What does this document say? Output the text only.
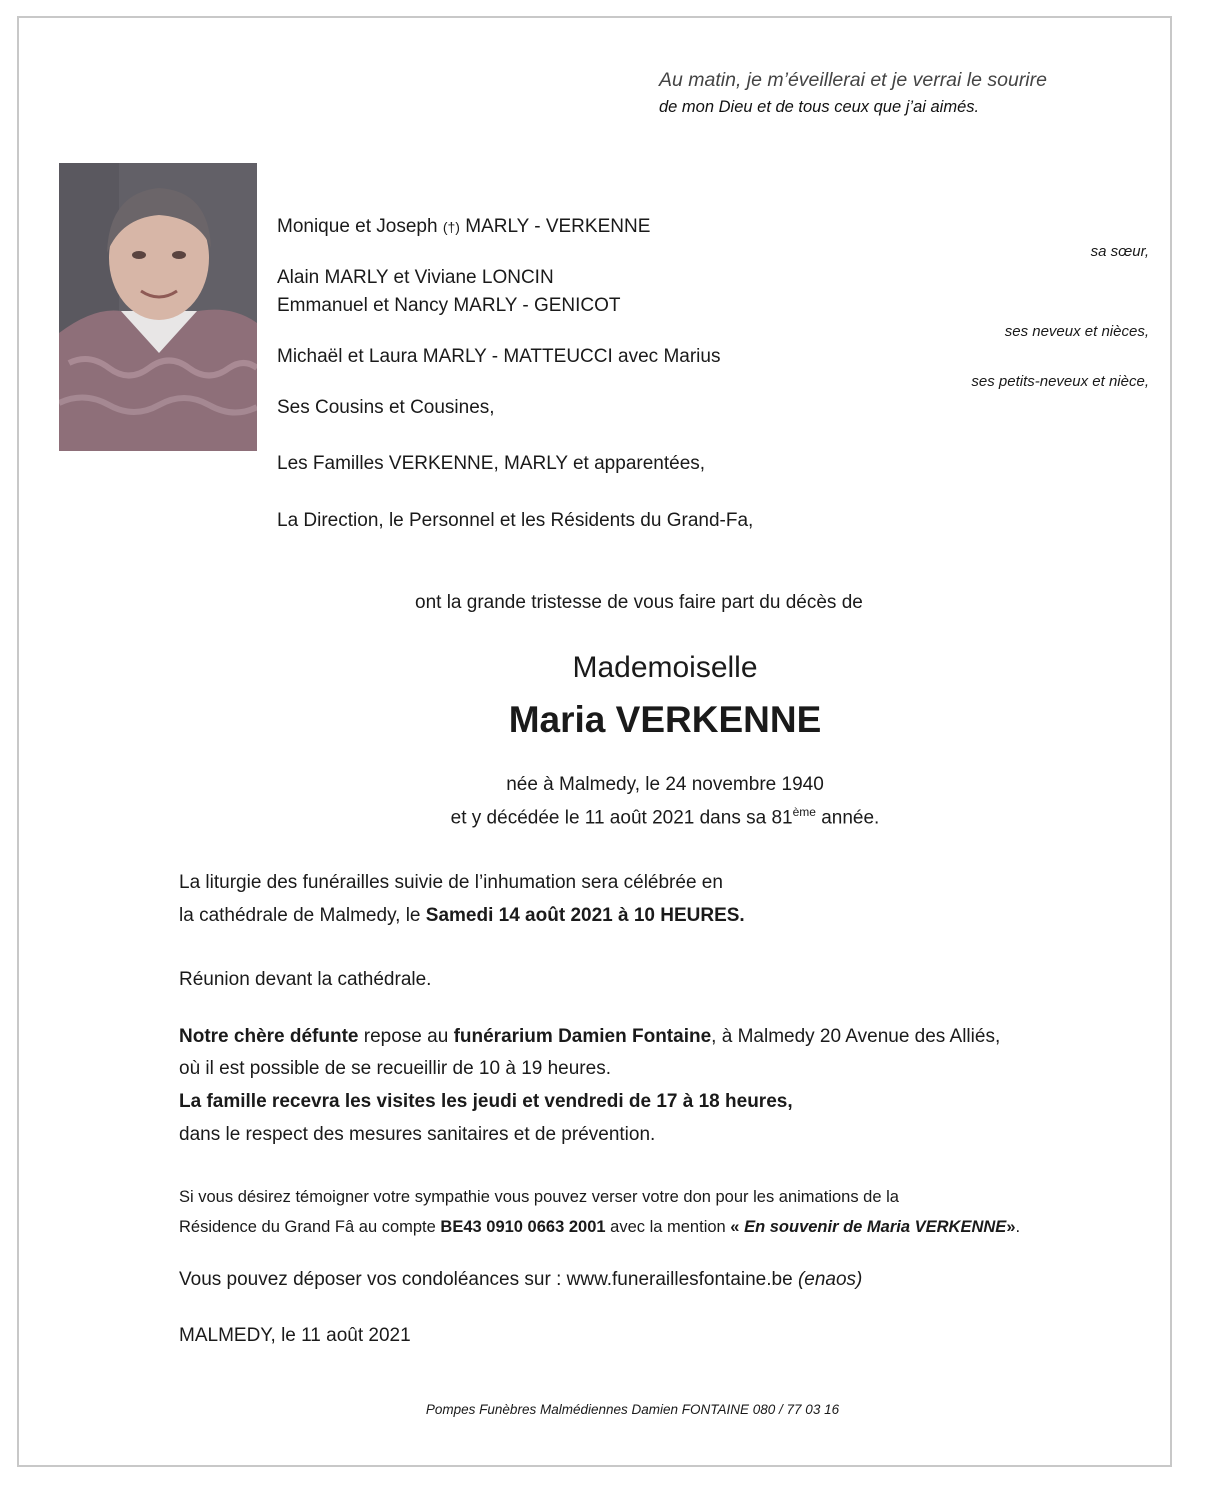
Au matin, je m’éveillerai et je verrai le sourire
de mon Dieu et de tous ceux que j’ai aimés.
Monique et Joseph (†) MARLY - VERKENNE
sa sœur,
Alain MARLY et Viviane LONCIN
Emmanuel et Nancy MARLY - GENICOT
ses neveux et nièces,
Michaël et Laura MARLY - MATTEUCCI avec Marius
ses petits-neveux et nièce,
Ses Cousins et Cousines,
Les Familles VERKENNE, MARLY et apparentées,
La Direction, le Personnel et les Résidents du Grand-Fa,
ont la grande tristesse de vous faire part du décès de
Mademoiselle
Maria VERKENNE
née à Malmedy, le 24 novembre 1940
et y décédée le 11 août 2021 dans sa 81ème année.
La liturgie des funérailles suivie de l’inhumation sera célébrée en
la cathédrale de Malmedy, le Samedi 14 août 2021 à 10 HEURES.
Réunion devant la cathédrale.
Notre chère défunte repose au funérarium Damien Fontaine, à Malmedy 20 Avenue des Alliés,
où il est possible de se recueillir de 10 à 19 heures.
La famille recevra les visites les jeudi et vendredi de 17 à 18 heures,
dans le respect des mesures sanitaires et de prévention.
Si vous désirez témoigner votre sympathie vous pouvez verser votre don pour les animations de la
Résidence du Grand Fâ au compte BE43 0910 0663 2001 avec la mention « En souvenir de Maria VERKENNE».
Vous pouvez déposer vos condoléances sur : www.funeraillesfontaine.be (enaos)
MALMEDY, le 11 août 2021
Pompes Funèbres Malmédiennes Damien FONTAINE 080 / 77 03 16
